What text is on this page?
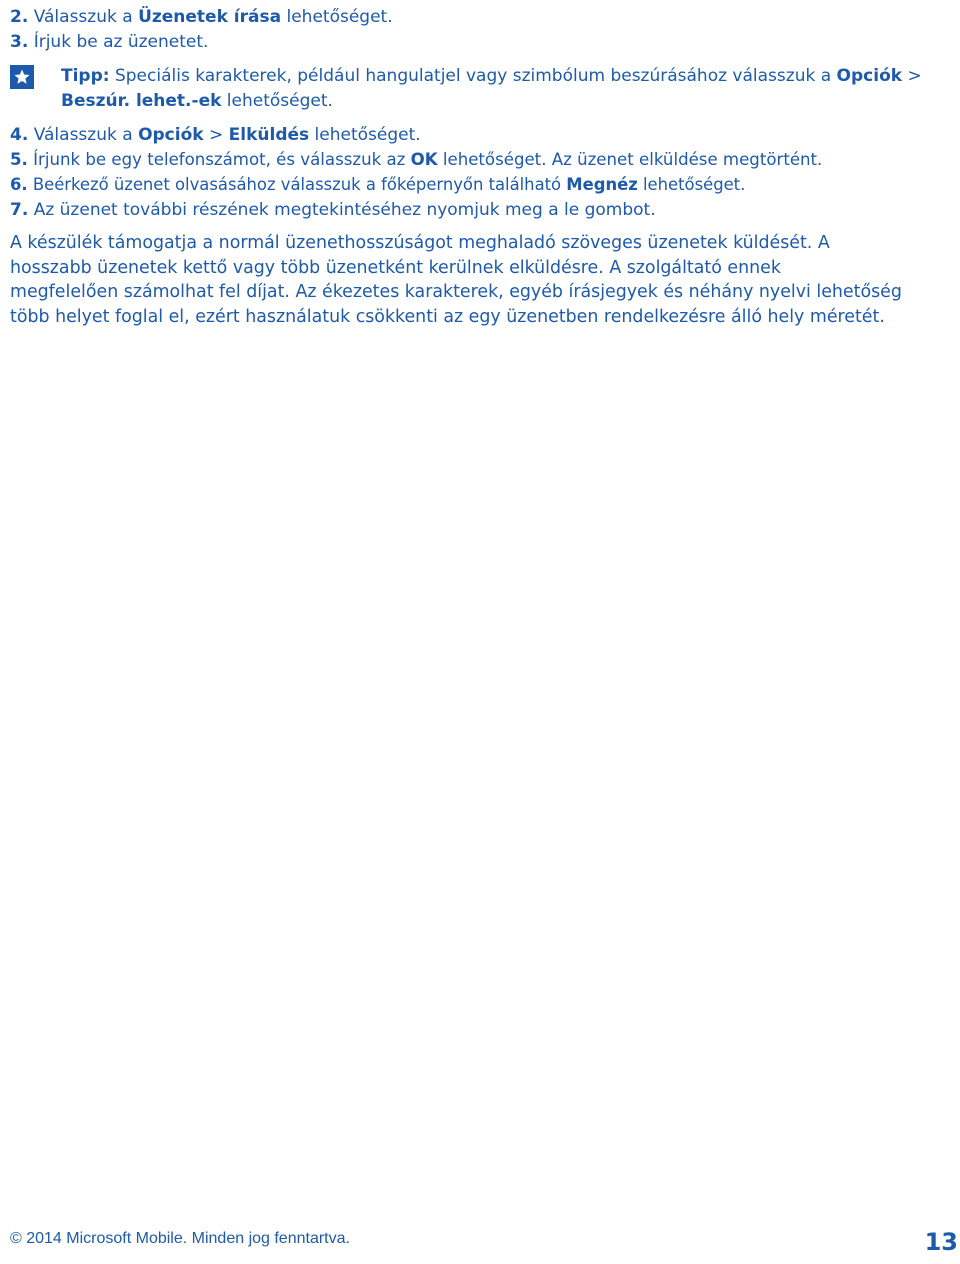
2. Válasszuk a Üzenetek írása lehetőséget.
3. Írjuk be az üzenetet.
Tipp: Speciális karakterek, például hangulatjel vagy szimbólum beszúrásához válasszuk a Opciók > Beszúr. lehet.-ek lehetőséget.
4. Válasszuk a Opciók > Elküldés lehetőséget.
5. Írjunk be egy telefonszámot, és válasszuk az OK lehetőséget. Az üzenet elküldése megtörtént.
6. Beérkező üzenet olvasásához válasszuk a főképernyőn található Megnéz lehetőséget.
7. Az üzenet további részének megtekintéséhez nyomjuk meg a le gombot.
A készülék támogatja a normál üzenethosszúságot meghaladó szöveges üzenetek küldését. A
hosszabb üzenetek kettő vagy több üzenetként kerülnek elküldésre. A szolgáltató ennek
megfelelően számolhat fel díjat. Az ékezetes karakterek, egyéb írásjegyek és néhány nyelvi lehetőség
több helyet foglal el, ezért használatuk csökkenti az egy üzenetben rendelkezésre álló hely méretét.
© 2014 Microsoft Mobile. Minden jog fenntartva.	13
